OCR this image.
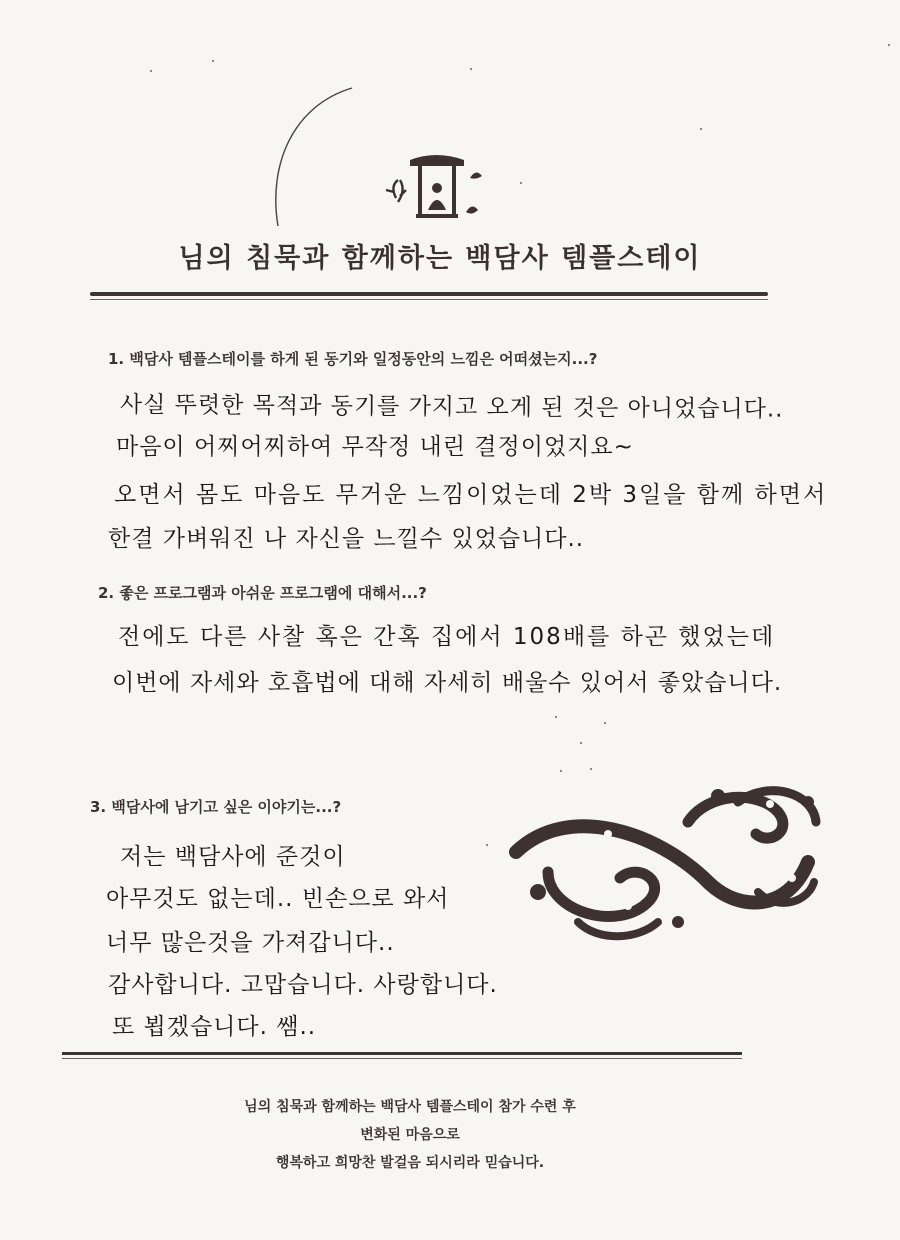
님의 침묵과 함께하는 백담사 템플스테이
1. 백담사 템플스테이를 하게 된 동기와 일정동안의 느낌은 어떠셨는지...?
사실 뚜렷한 목적과 동기를 가지고 오게 된 것은 아니었습니다..
마음이 어찌어찌하여 무작정 내린 결정이었지요~
오면서 몸도 마음도 무거운 느낌이었는데 2박 3일을 함께 하면서
한결 가벼워진 나 자신을 느낄수 있었습니다..
2. 좋은 프로그램과 아쉬운 프로그램에 대해서...?
전에도 다른 사찰 혹은 간혹 집에서 108배를 하곤 했었는데
이번에 자세와 호흡법에 대해 자세히 배울수 있어서 좋았습니다.
3. 백담사에 남기고 싶은 이야기는...?
저는 백담사에 준것이
아무것도 없는데.. 빈손으로 와서
너무 많은것을 가져갑니다..
감사합니다. 고맙습니다. 사랑합니다.
또 뵙겠습니다. 쌤..
님의 침묵과 함께하는 백담사 템플스테이 참가 수련 후
변화된 마음으로
행복하고 희망찬 발걸음 되시리라 믿습니다.
